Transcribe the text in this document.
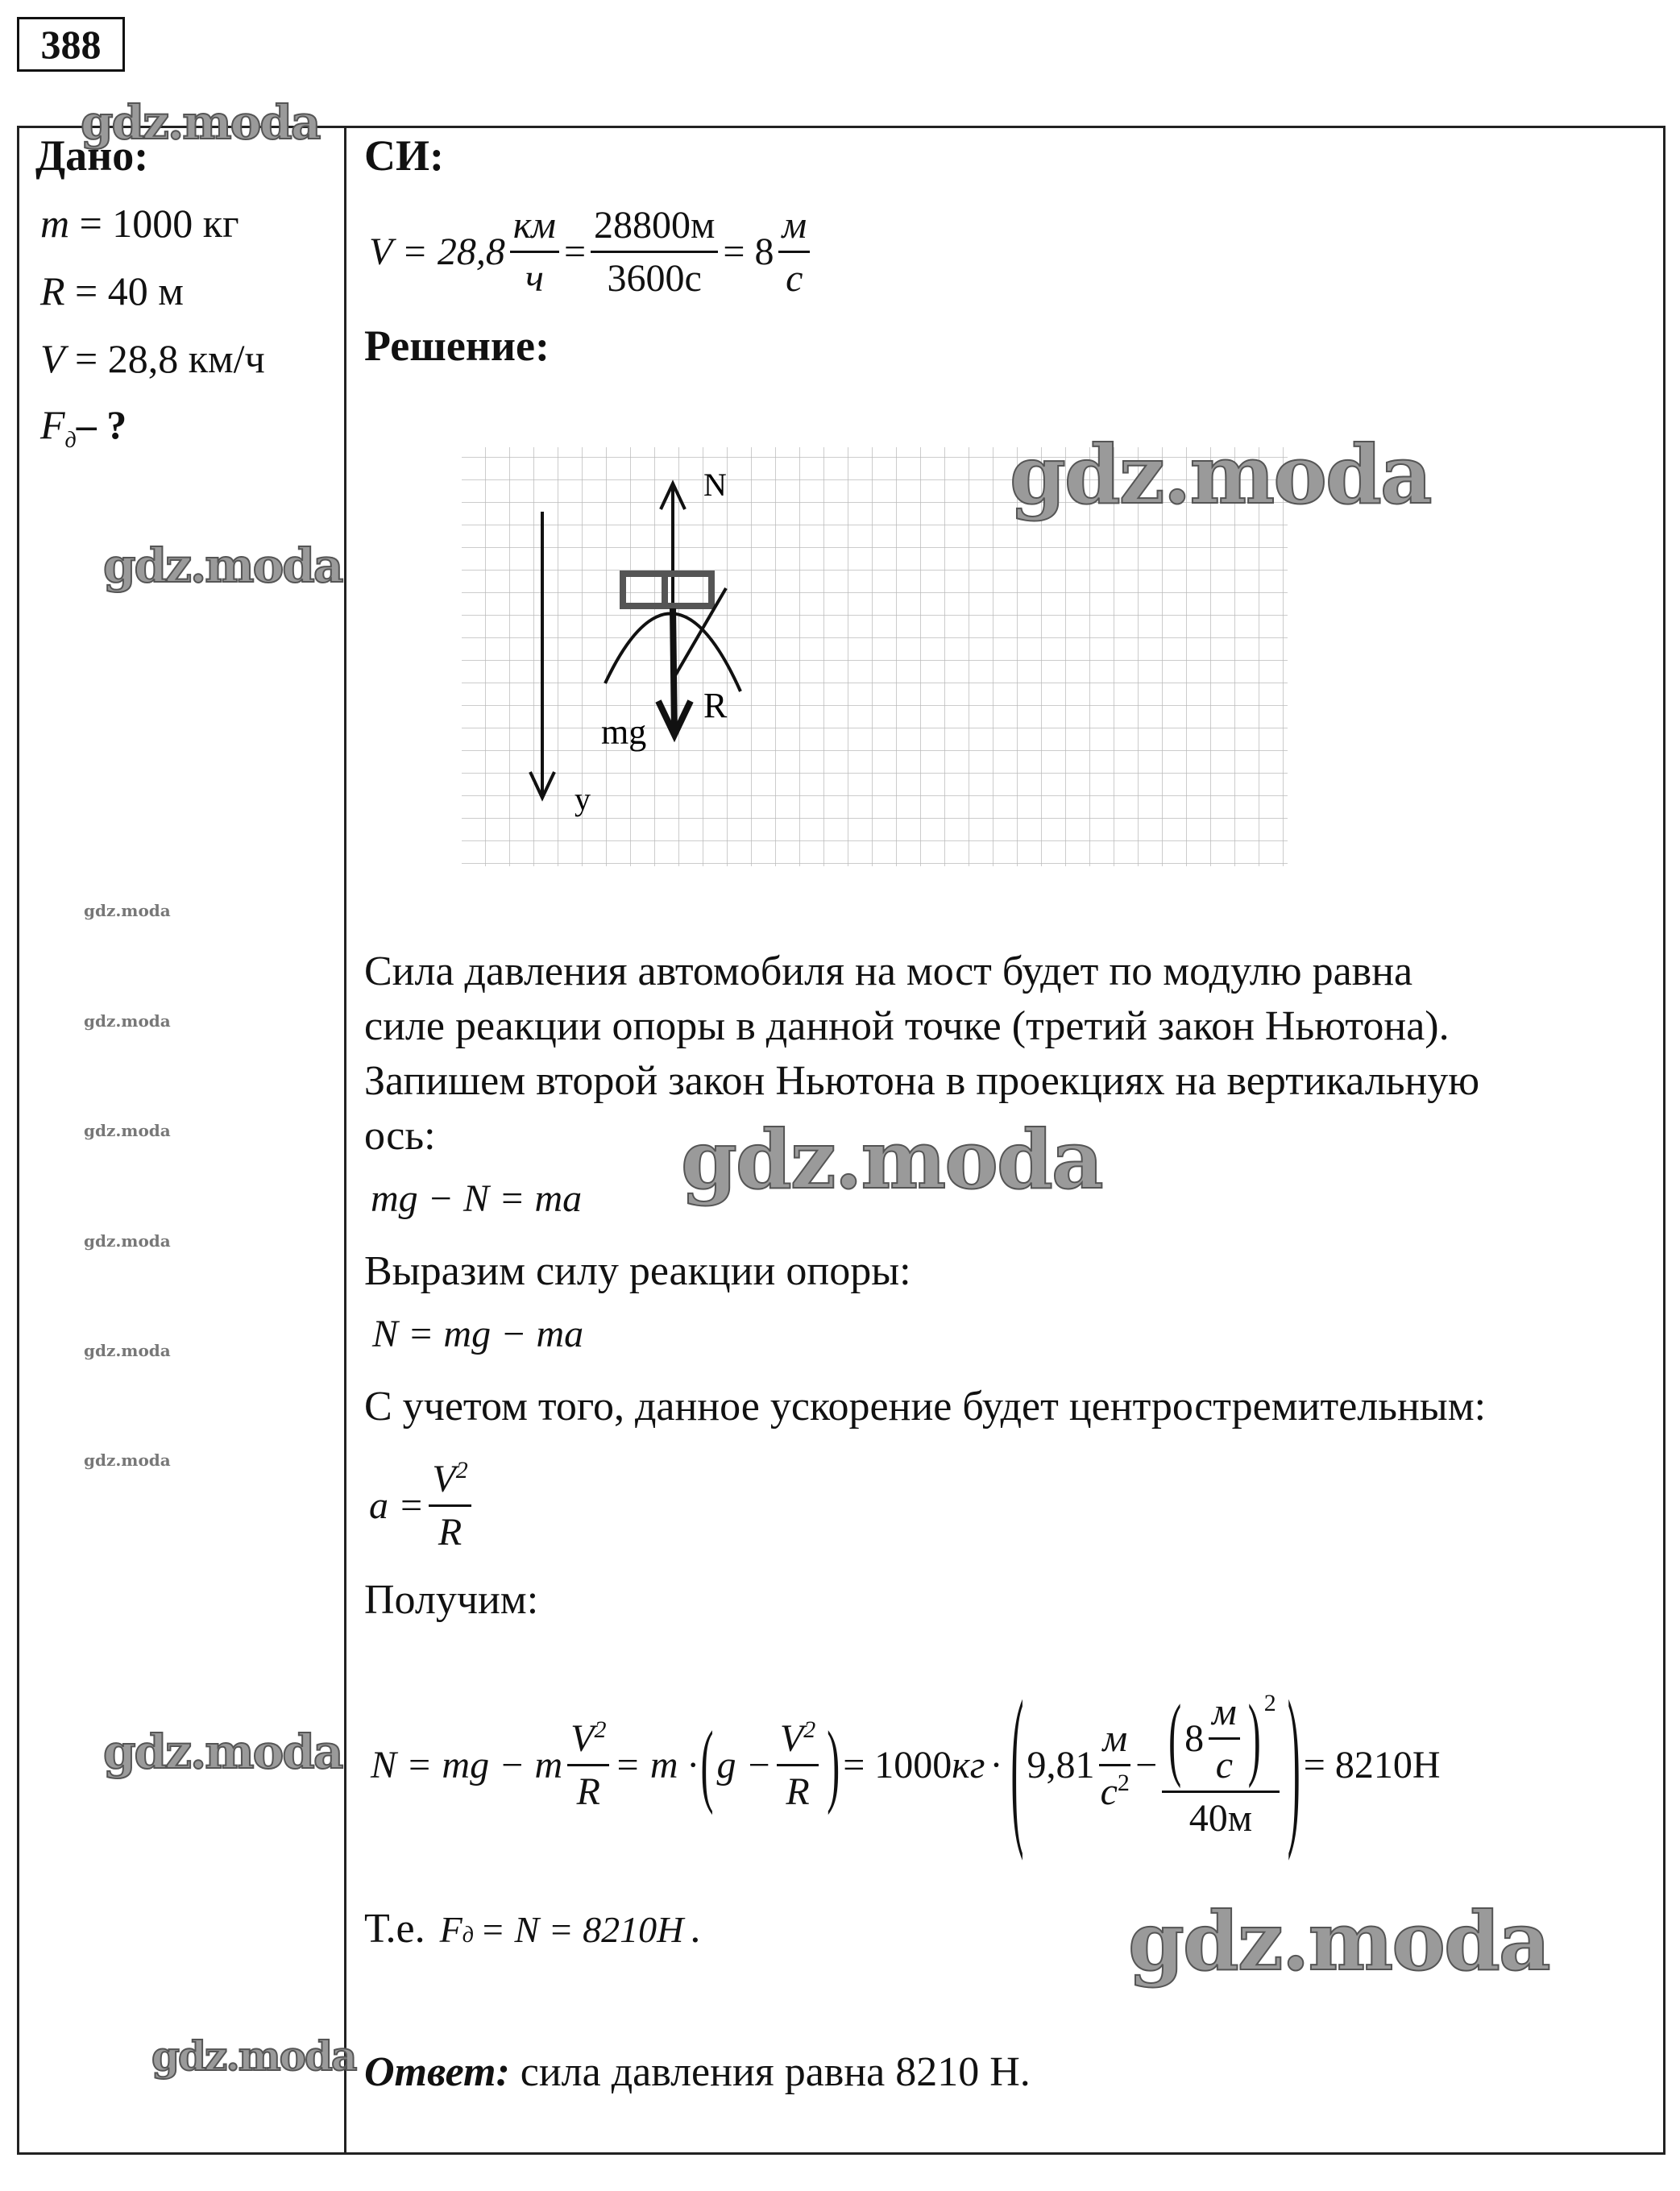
388
gdz.moda
gdz.moda
gdz.moda
gdz.moda
gdz.moda
gdz.moda
gdz.moda
gdz.moda
gdz.moda
gdz.moda
Дано:
m = 1000 кг
R = 40 м
V = 28,8 км/ч
$F_д-$ ?
СИ:
$V = 28,8 \frac{км}{ч} = \frac{28800м}{3600с} = 8 \frac{м}{с}$
Решение:
y
N
R
mg
gdz.moda
Сила давления автомобиля на мост будет по модулю равна
силе реакции опоры в данной точке (третий закон Ньютона).
Запишем второй закон Ньютона в проекциях на вертикальную
ось:	gdz.moda
mg − N = ma
Выразим силу реакции опоры:
N = mg − ma
С учетом того, данное ускорение будет центростремительным:
$a = \frac{V^2}{R}$
Получим:
N = mg − m $\frac{V^2}{R} = m$ · ( $g - \frac{V^2}{R}$ ) = 1000 кг · ( $9,81 \frac{м}{с^2} - \frac{( 8 \frac{м}{с} )^2}{40м}$ ) = 8210Н
Т.е. F д = N = 8210Н .	gdz.moda
Ответ: сила давления равна 8210 Н.
